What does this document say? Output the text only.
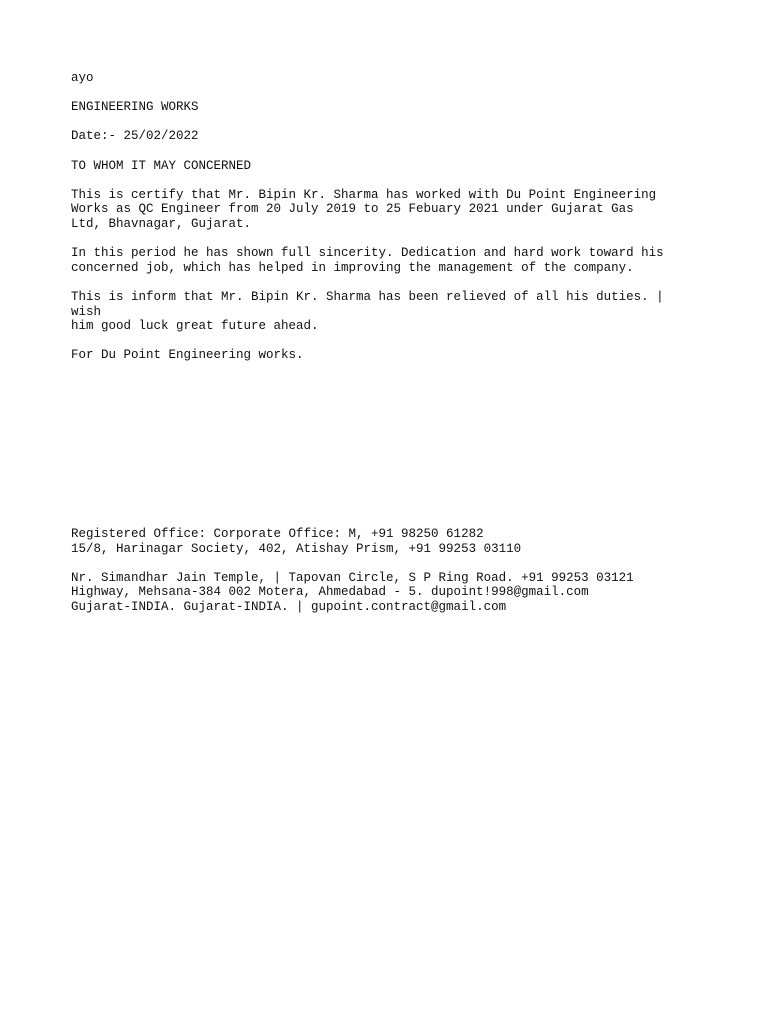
ayo
ENGINEERING WORKS
Date:- 25/02/2022
TO WHOM IT MAY CONCERNED
This is certify that Mr. Bipin Kr. Sharma has worked with Du Point Engineering
Works as QC Engineer from 20 July 2019 to 25 Febuary 2021 under Gujarat Gas
Ltd, Bhavnagar, Gujarat.
In this period he has shown full sincerity. Dedication and hard work toward his
concerned job, which has helped in improving the management of the company.
This is inform that Mr. Bipin Kr. Sharma has been relieved of all his duties. |
wish
him good luck great future ahead.
For Du Point Engineering works.
Registered Office: Corporate Office: M, +91 98250 61282
15/8, Harinagar Society, 402, Atishay Prism, +91 99253 03110
Nr. Simandhar Jain Temple, | Tapovan Circle, S P Ring Road. +91 99253 03121
Highway, Mehsana-384 002 Motera, Ahmedabad - 5. dupoint!998@gmail.com
Gujarat-INDIA. Gujarat-INDIA. | gupoint.contract@gmail.com
